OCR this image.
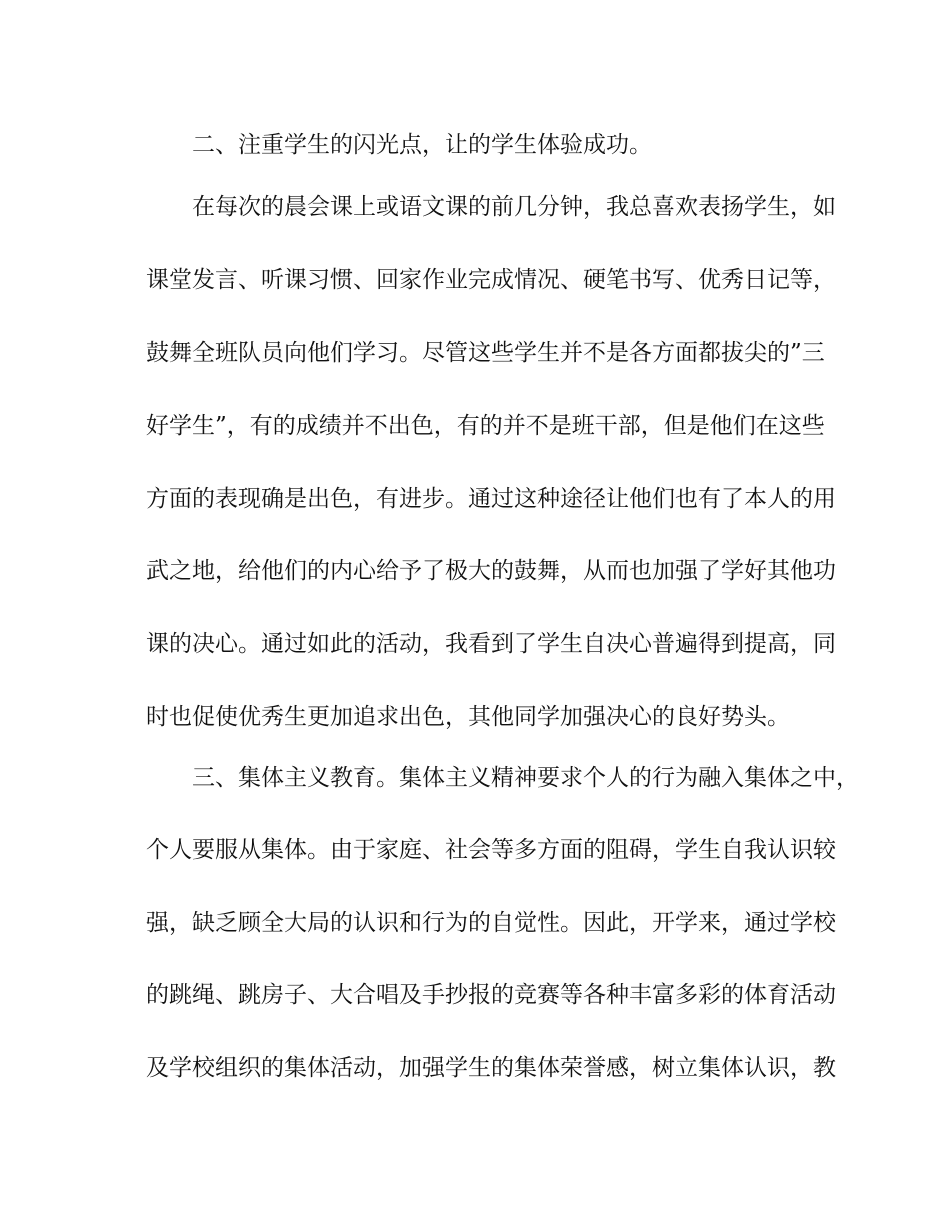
二、注重学生的闪光点，让的学生体验成功。
在每次的晨会课上或语文课的前几分钟，我总喜欢表扬学生，如
课堂发言、听课习惯、回家作业完成情况、硬笔书写、优秀日记等，
鼓舞全班队员向他们学习。尽管这些学生并不是各方面都拔尖的”三
好学生”，有的成绩并不出色，有的并不是班干部，但是他们在这些
方面的表现确是出色，有进步。通过这种途径让他们也有了本人的用
武之地，给他们的内心给予了极大的鼓舞，从而也加强了学好其他功
课的决心。通过如此的活动，我看到了学生自决心普遍得到提高，同
时也促使优秀生更加追求出色，其他同学加强决心的良好势头。
三、集体主义教育。集体主义精神要求个人的行为融入集体之中，
个人要服从集体。由于家庭、社会等多方面的阻碍，学生自我认识较
强，缺乏顾全大局的认识和行为的自觉性。因此，开学来，通过学校
的跳绳、跳房子、大合唱及手抄报的竞赛等各种丰富多彩的体育活动
及学校组织的集体活动，加强学生的集体荣誉感，树立集体认识，教
